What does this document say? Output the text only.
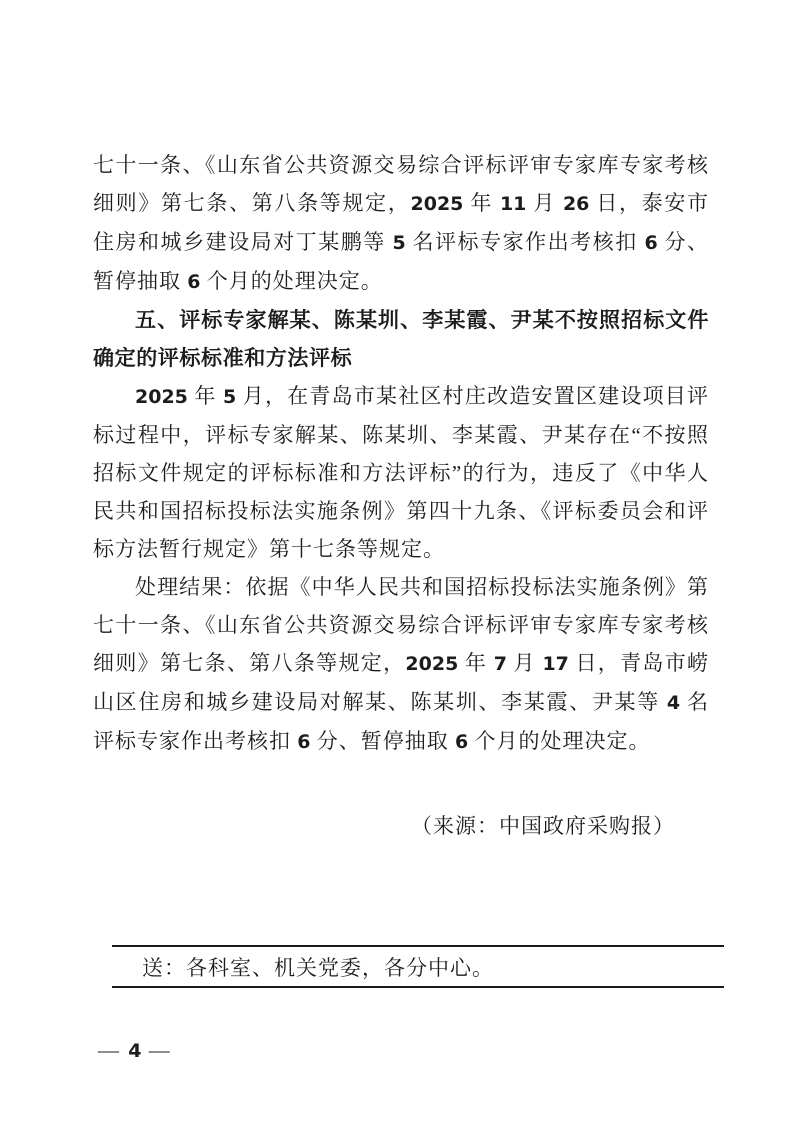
七十一条、《山东省公共资源交易综合评标评审专家库专家考核细则》第七条、第八条等规定，2025 年 11 月 26 日，泰安市住房和城乡建设局对丁某鹏等 5 名评标专家作出考核扣 6 分、暂停抽取 6 个月的处理决定。

五、评标专家解某、陈某圳、李某霞、尹某不按照招标文件确定的评标标准和方法评标

2025 年 5 月，在青岛市某社区村庄改造安置区建设项目评标过程中，评标专家解某、陈某圳、李某霞、尹某存在“不按照招标文件规定的评标标准和方法评标”的行为，违反了《中华人民共和国招标投标法实施条例》第四十九条、《评标委员会和评标方法暂行规定》第十七条等规定。

处理结果：依据《中华人民共和国招标投标法实施条例》第七十一条、《山东省公共资源交易综合评标评审专家库专家考核细则》第七条、第八条等规定，2025 年 7 月 17 日，青岛市崂山区住房和城乡建设局对解某、陈某圳、李某霞、尹某等 4 名评标专家作出考核扣 6 分、暂停抽取 6 个月的处理决定。

（来源：中国政府采购报）

送：各科室、机关党委，各分中心。
— 4 —
